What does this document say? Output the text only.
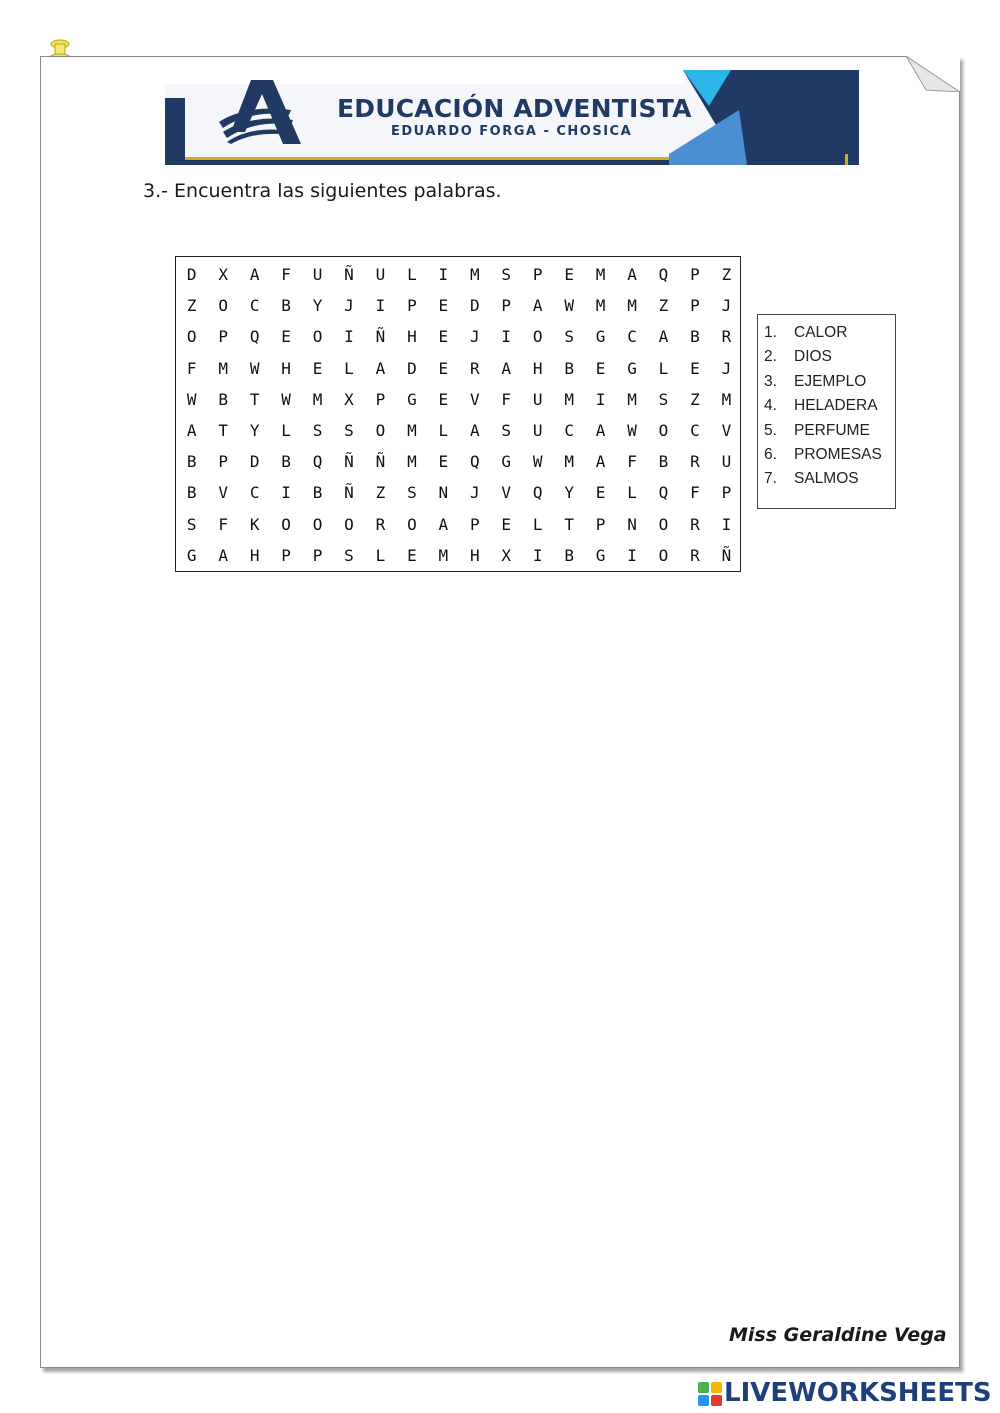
EDUCACIÓN ADVENTISTA
EDUARDO FORGA - CHOSICA
3.- Encuentra las siguientes palabras.
D	X	A	F	U	Ñ	U	L	I	M	S	P	E	M	A	Q	P	Z
Z	O	C	B	Y	J	I	P	E	D	P	A	W	M	M	Z	P	J
O	P	Q	E	O	I	Ñ	H	E	J	I	O	S	G	C	A	B	R
F	M	W	H	E	L	A	D	E	R	A	H	B	E	G	L	E	J
W	B	T	W	M	X	P	G	E	V	F	U	M	I	M	S	Z	M
A	T	Y	L	S	S	O	M	L	A	S	U	C	A	W	O	C	V
B	P	D	B	Q	Ñ	Ñ	M	E	Q	G	W	M	A	F	B	R	U
B	V	C	I	B	Ñ	Z	S	N	J	V	Q	Y	E	L	Q	F	P
S	F	K	O	O	O	R	O	A	P	E	L	T	P	N	O	R	I
G	A	H	P	P	S	L	E	M	H	X	I	B	G	I	O	R	Ñ
1. CALOR
2. DIOS
3. EJEMPLO
4. HELADERA
5. PERFUME
6. PROMESAS
7. SALMOS
Miss Geraldine Vega
LIVEWORKSHEETS
